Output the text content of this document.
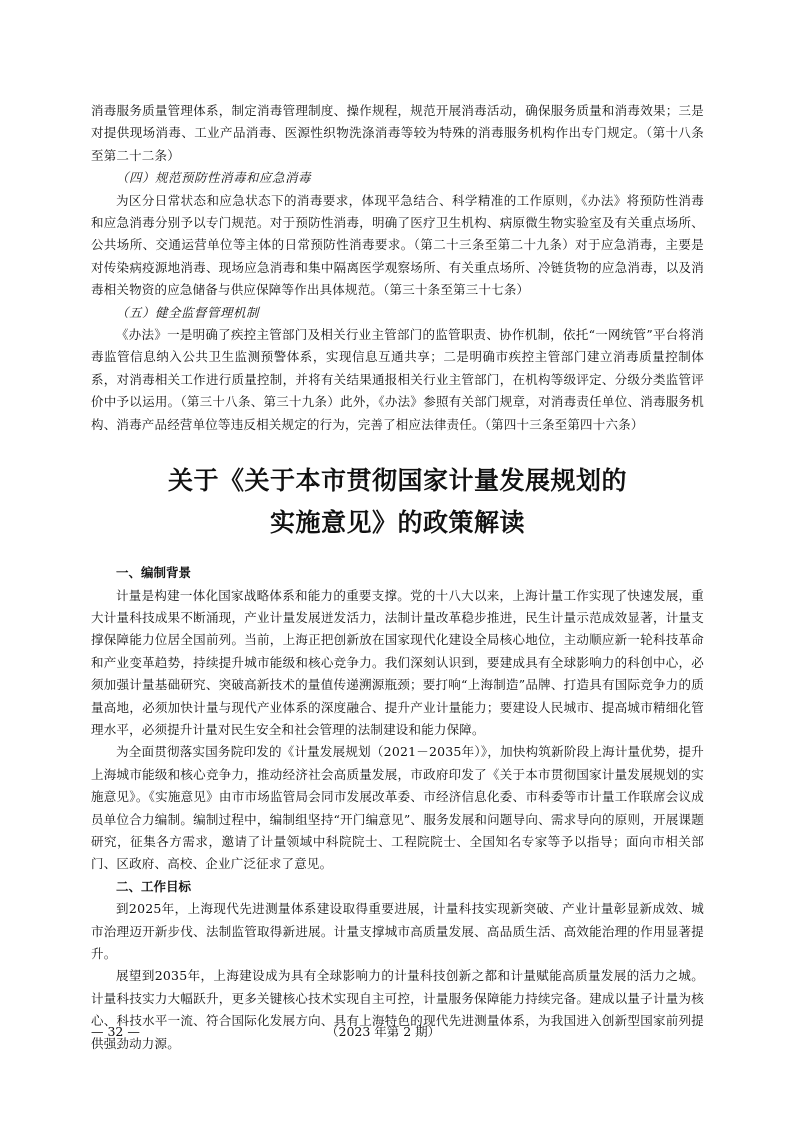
消毒服务质量管理体系，制定消毒管理制度、操作规程，规范开展消毒活动，确保服务质量和消毒效果；三是对提供现场消毒、工业产品消毒、医源性织物洗涤消毒等较为特殊的消毒服务机构作出专门规定。（第十八条至第二十二条）

（四）规范预防性消毒和应急消毒

为区分日常状态和应急状态下的消毒要求，体现平急结合、科学精准的工作原则，《办法》将预防性消毒和应急消毒分别予以专门规范。对于预防性消毒，明确了医疗卫生机构、病原微生物实验室及有关重点场所、公共场所、交通运营单位等主体的日常预防性消毒要求。（第二十三条至第二十九条）对于应急消毒，主要是对传染病疫源地消毒、现场应急消毒和集中隔离医学观察场所、有关重点场所、冷链货物的应急消毒，以及消毒相关物资的应急储备与供应保障等作出具体规范。（第三十条至第三十七条）

（五）健全监督管理机制

《办法》一是明确了疾控主管部门及相关行业主管部门的监管职责、协作机制，依托“一网统管”平台将消毒监管信息纳入公共卫生监测预警体系，实现信息互通共享；二是明确市疾控主管部门建立消毒质量控制体系，对消毒相关工作进行质量控制，并将有关结果通报相关行业主管部门，在机构等级评定、分级分类监管评价中予以运用。（第三十八条、第三十九条）此外，《办法》参照有关部门规章，对消毒责任单位、消毒服务机构、消毒产品经营单位等违反相关规定的行为，完善了相应法律责任。（第四十三条至第四十六条）

关于《关于本市贯彻国家计量发展规划的
实施意见》的政策解读

一、编制背景

计量是构建一体化国家战略体系和能力的重要支撑。党的十八大以来，上海计量工作实现了快速发展，重大计量科技成果不断涌现，产业计量发展迸发活力，法制计量改革稳步推进，民生计量示范成效显著，计量支撑保障能力位居全国前列。当前，上海正把创新放在国家现代化建设全局核心地位，主动顺应新一轮科技革命和产业变革趋势，持续提升城市能级和核心竞争力。我们深刻认识到，要建成具有全球影响力的科创中心，必须加强计量基础研究、突破高新技术的量值传递溯源瓶颈；要打响“上海制造”品牌、打造具有国际竞争力的质量高地，必须加快计量与现代产业体系的深度融合、提升产业计量能力；要建设人民城市、提高城市精细化管理水平，必须提升计量对民生安全和社会管理的法制建设和能力保障。

为全面贯彻落实国务院印发的《计量发展规划（2021－2035年）》，加快构筑新阶段上海计量优势，提升上海城市能级和核心竞争力，推动经济社会高质量发展，市政府印发了《关于本市贯彻国家计量发展规划的实施意见》。《实施意见》由市市场监管局会同市发展改革委、市经济信息化委、市科委等市计量工作联席会议成员单位合力编制。编制过程中，编制组坚持“开门编意见”、服务发展和问题导向、需求导向的原则，开展课题研究，征集各方需求，邀请了计量领域中科院院士、工程院院士、全国知名专家等予以指导；面向市相关部门、区政府、高校、企业广泛征求了意见。

二、工作目标

到2025年，上海现代先进测量体系建设取得重要进展，计量科技实现新突破、产业计量彰显新成效、城市治理迈开新步伐、法制监管取得新进展。计量支撑城市高质量发展、高品质生活、高效能治理的作用显著提升。

展望到2035年，上海建设成为具有全球影响力的计量科技创新之都和计量赋能高质量发展的活力之城。计量科技实力大幅跃升，更多关键核心技术实现自主可控，计量服务保障能力持续完备。建成以量子计量为核心、科技水平一流、符合国际化发展方向、具有上海特色的现代先进测量体系，为我国进入创新型国家前列提供强劲动力源。

— 32 —	（2023 年第 2 期）
